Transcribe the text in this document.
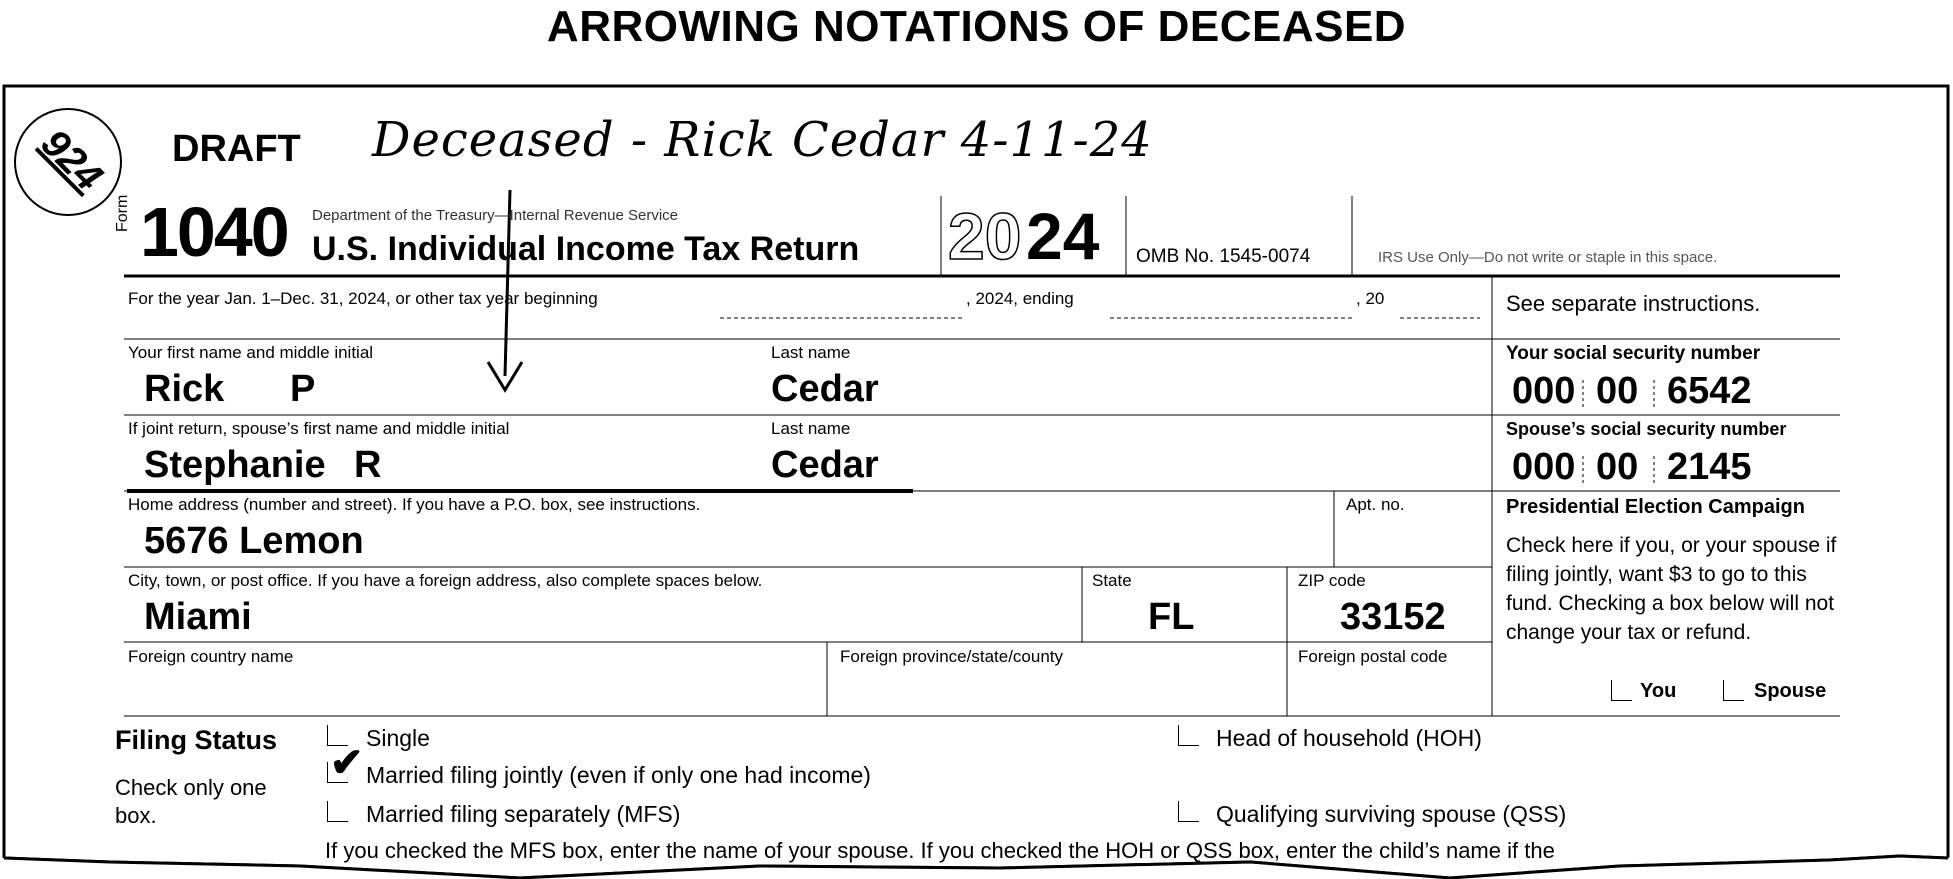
ARROWING NOTATIONS OF DECEASED
924 DRAFT Deceased - Rick Cedar 4-11-24
Form 1040 Department of the Treasury—Internal Revenue Service
U.S. Individual Income Tax Return 20 24 OMB No. 1545-0074	IRS Use Only—Do not write or staple in this space.
For the year Jan. 1–Dec. 31, 2024, or other tax year beginning	, 2024, ending	, 20	See separate instructions.
Your first name and middle initial
Rick P
Last name
Cedar
Your social security number
000 00 6542
If joint return, spouse’s first name and middle initial
Stephanie R
Last name
Cedar
Spouse’s social security number
000 00 2145
Home address (number and street). If you have a P.O. box, see instructions.
5676 Lemon
Apt. no.	Presidential Election Campaign
Check here if you, or your spouse if filing jointly, want $3 to go to this fund. Checking a box below will not change your tax or refund.
City, town, or post office. If you have a foreign address, also complete spaces below.
Miami
State
FL
ZIP code
33152
Foreign country name	Foreign province/state/county	Foreign postal code
You	Spouse
Filing Status
Check only one box.
Single
✔ Married filing jointly (even if only one had income)
Married filing separately (MFS)
Head of household (HOH)
Qualifying surviving spouse (QSS)
If you checked the MFS box, enter the name of your spouse. If you checked the HOH or QSS box, enter the child’s name if the
